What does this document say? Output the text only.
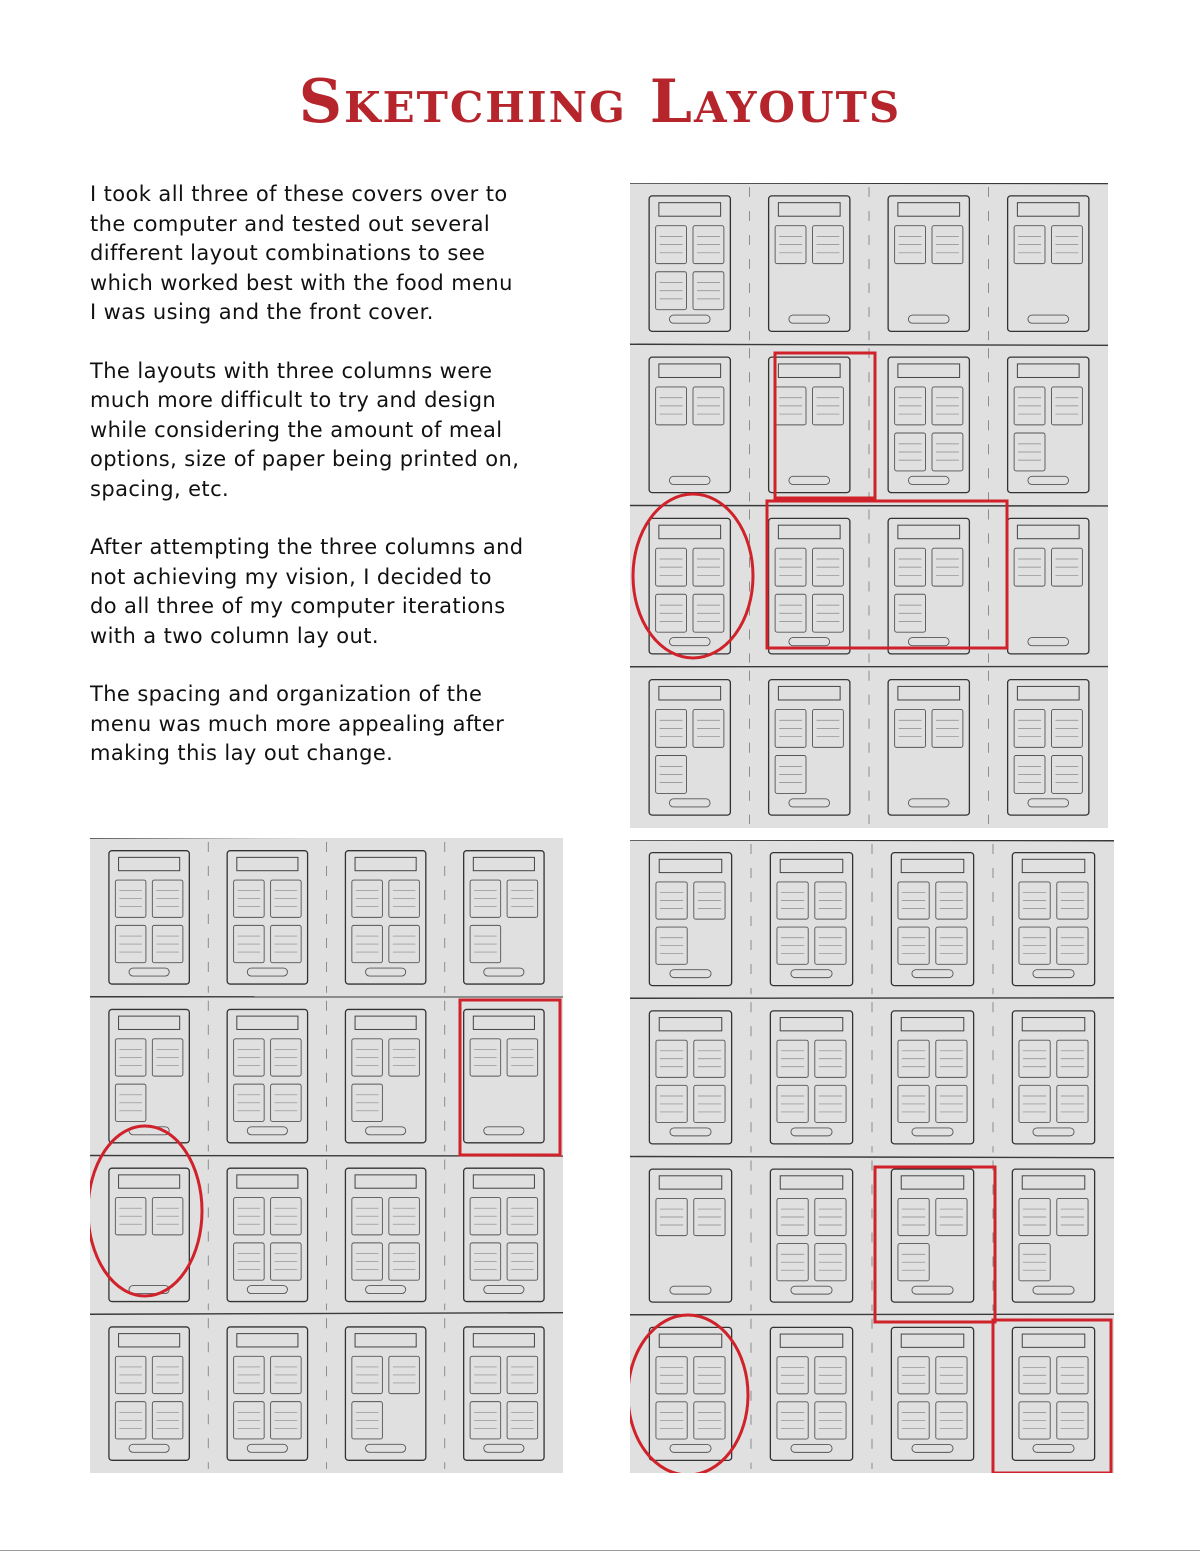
Sketching Layouts

I took all three of these covers over to
the computer and tested out several
different layout combinations to see
which worked best with the food menu
I was using and the front cover.

The layouts with three columns were
much more difficult to try and design
while considering the amount of meal
options, size of paper being printed on,
spacing, etc.

After attempting the three columns and
not achieving my vision, I decided to
do all three of my computer iterations
with a two column lay out.

The spacing and organization of the
menu was much more appealing after
making this lay out change.
